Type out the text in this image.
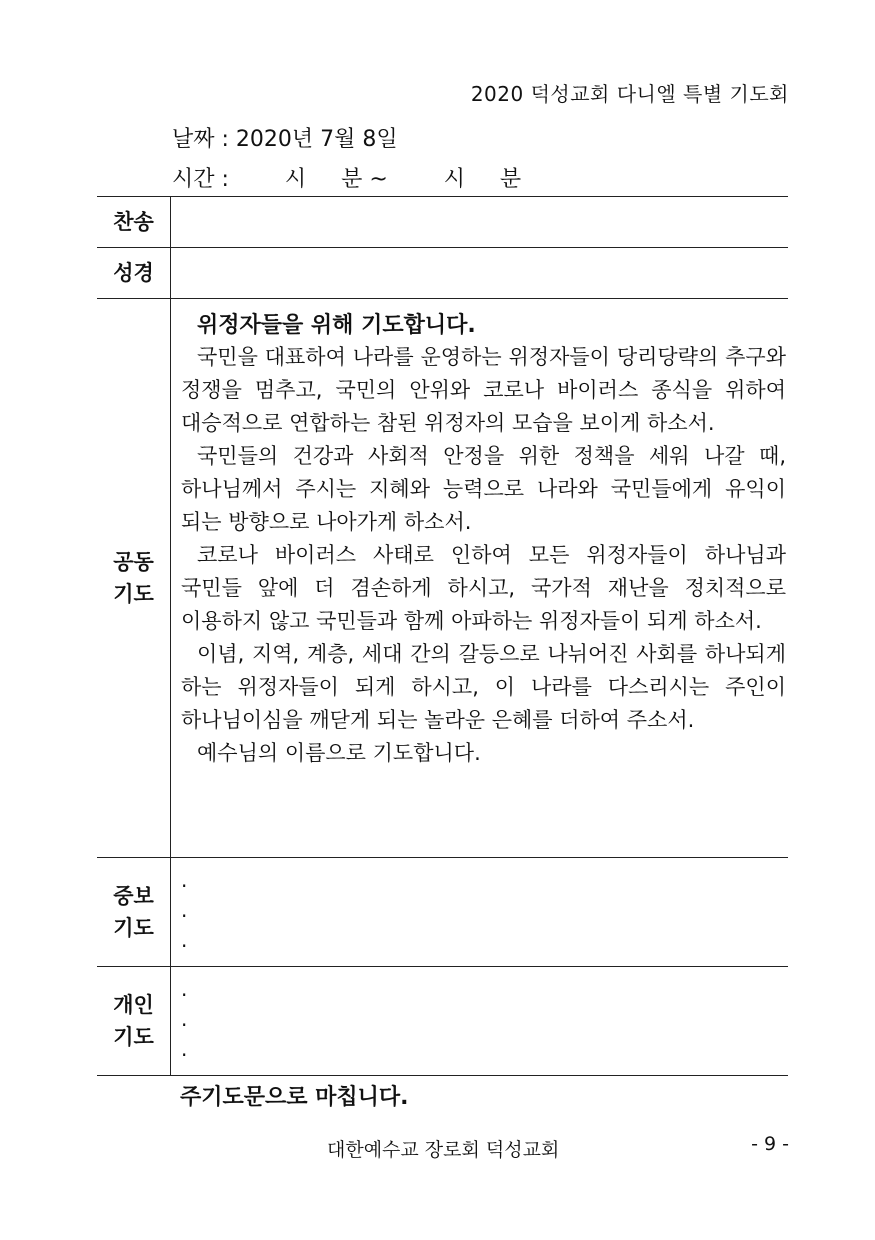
2020 덕성교회 다니엘 특별 기도회
날짜 : 2020년 7월 8일
시간 :        시     분 ~        시     분
찬송
성경
공동
기도
위정자들을 위해 기도합니다.

국민을 대표하여 나라를 운영하는 위정자들이 당리당략의 추구와 정쟁을 멈추고, 국민의 안위와 코로나 바이러스 종식을 위하여 대승적으로 연합하는 참된 위정자의 모습을 보이게 하소서.

국민들의 건강과 사회적 안정을 위한 정책을 세워 나갈 때, 하나님께서 주시는 지혜와 능력으로 나라와 국민들에게 유익이 되는 방향으로 나아가게 하소서.

코로나 바이러스 사태로 인하여 모든 위정자들이 하나님과 국민들 앞에 더 겸손하게 하시고, 국가적 재난을 정치적으로 이용하지 않고 국민들과 함께 아파하는 위정자들이 되게 하소서.

이념, 지역, 계층, 세대 간의 갈등으로 나뉘어진 사회를 하나되게 하는 위정자들이 되게 하시고, 이 나라를 다스리시는 주인이 하나님이심을 깨닫게 되는 놀라운 은혜를 더하여 주소서.

예수님의 이름으로 기도합니다.

중보
기도
.
.
.
개인
기도
.
.
.
주기도문으로 마칩니다.
대한예수교 장로회 덕성교회	- 9 -
